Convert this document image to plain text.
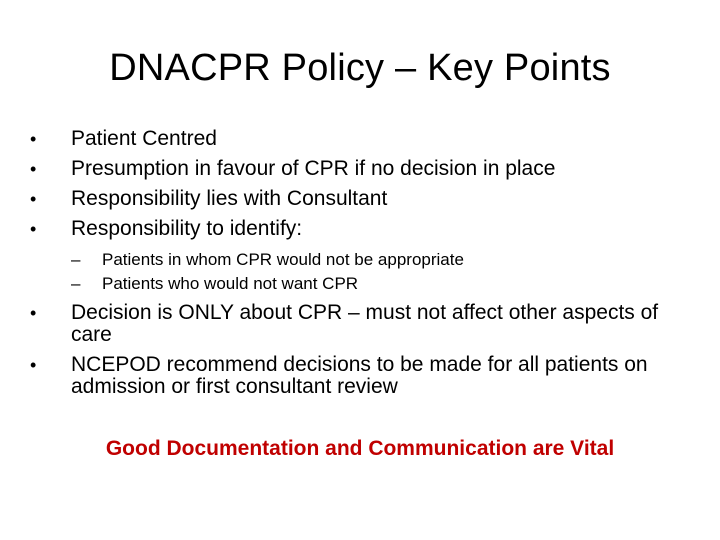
DNACPR Policy – Key Points
• Patient Centred
• Presumption in favour of CPR if no decision in place
• Responsibility lies with Consultant
• Responsibility to identify:
– Patients in whom CPR would not be appropriate
– Patients who would not want CPR
• Decision is ONLY about CPR – must not affect other aspects of care
• NCEPOD recommend decisions to be made for all patients on admission or first consultant review
Good Documentation and Communication are Vital
